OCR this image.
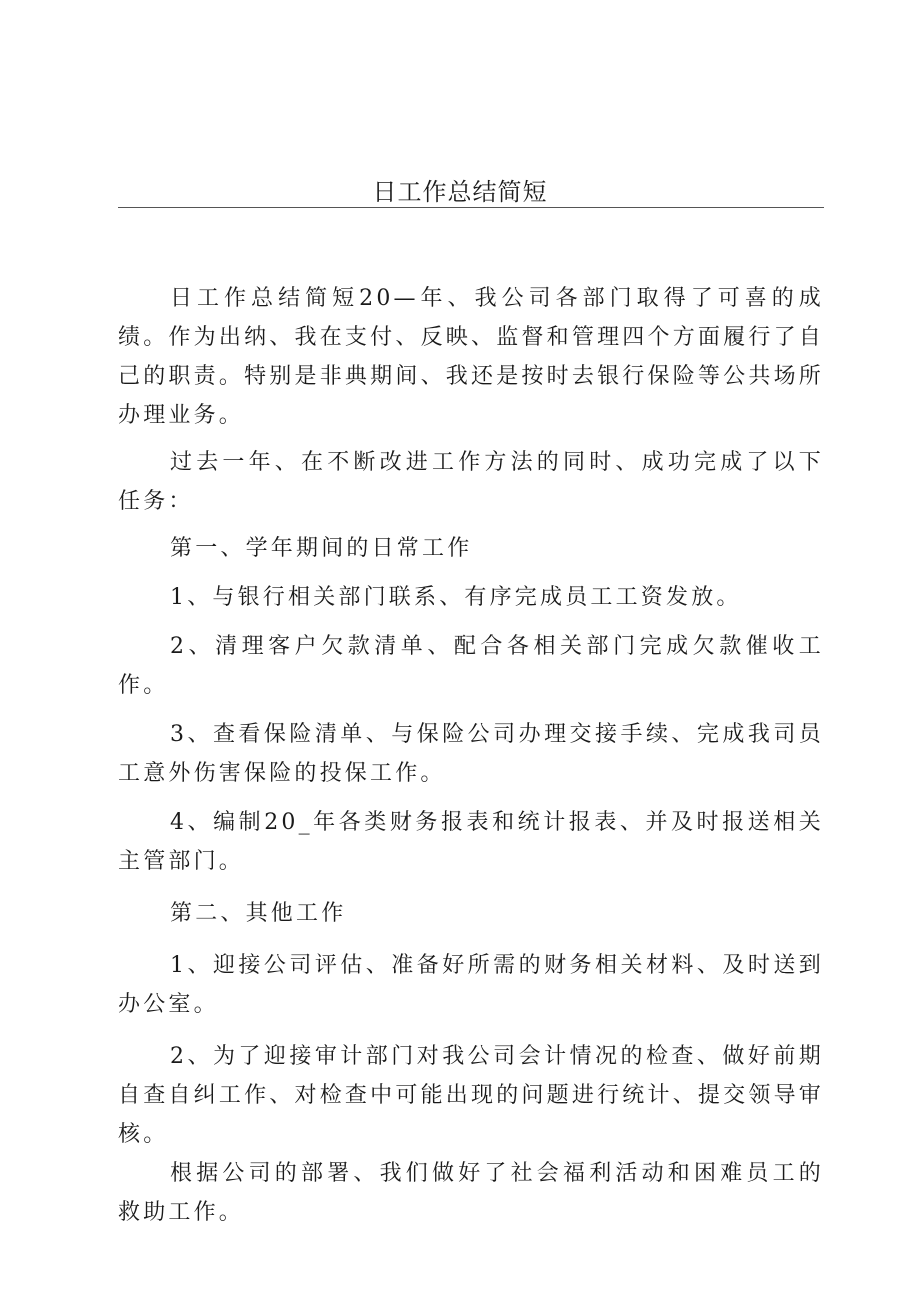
日工作总结简短

日工作总结简短20—年、我公司各部门取得了可喜的成绩。作为出纳、我在支付、反映、监督和管理四个方面履行了自己的职责。特别是非典期间、我还是按时去银行保险等公共场所办理业务。

过去一年、在不断改进工作方法的同时、成功完成了以下任务：

第一、学年期间的日常工作

1、与银行相关部门联系、有序完成员工工资发放。

2、清理客户欠款清单、配合各相关部门完成欠款催收工作。

3、查看保险清单、与保险公司办理交接手续、完成我司员工意外伤害保险的投保工作。

4、编制20_年各类财务报表和统计报表、并及时报送相关主管部门。

第二、其他工作

1、迎接公司评估、准备好所需的财务相关材料、及时送到办公室。

2、为了迎接审计部门对我公司会计情况的检查、做好前期自查自纠工作、对检查中可能出现的问题进行统计、提交领导审核。

根据公司的部署、我们做好了社会福利活动和困难员工的救助工作。
